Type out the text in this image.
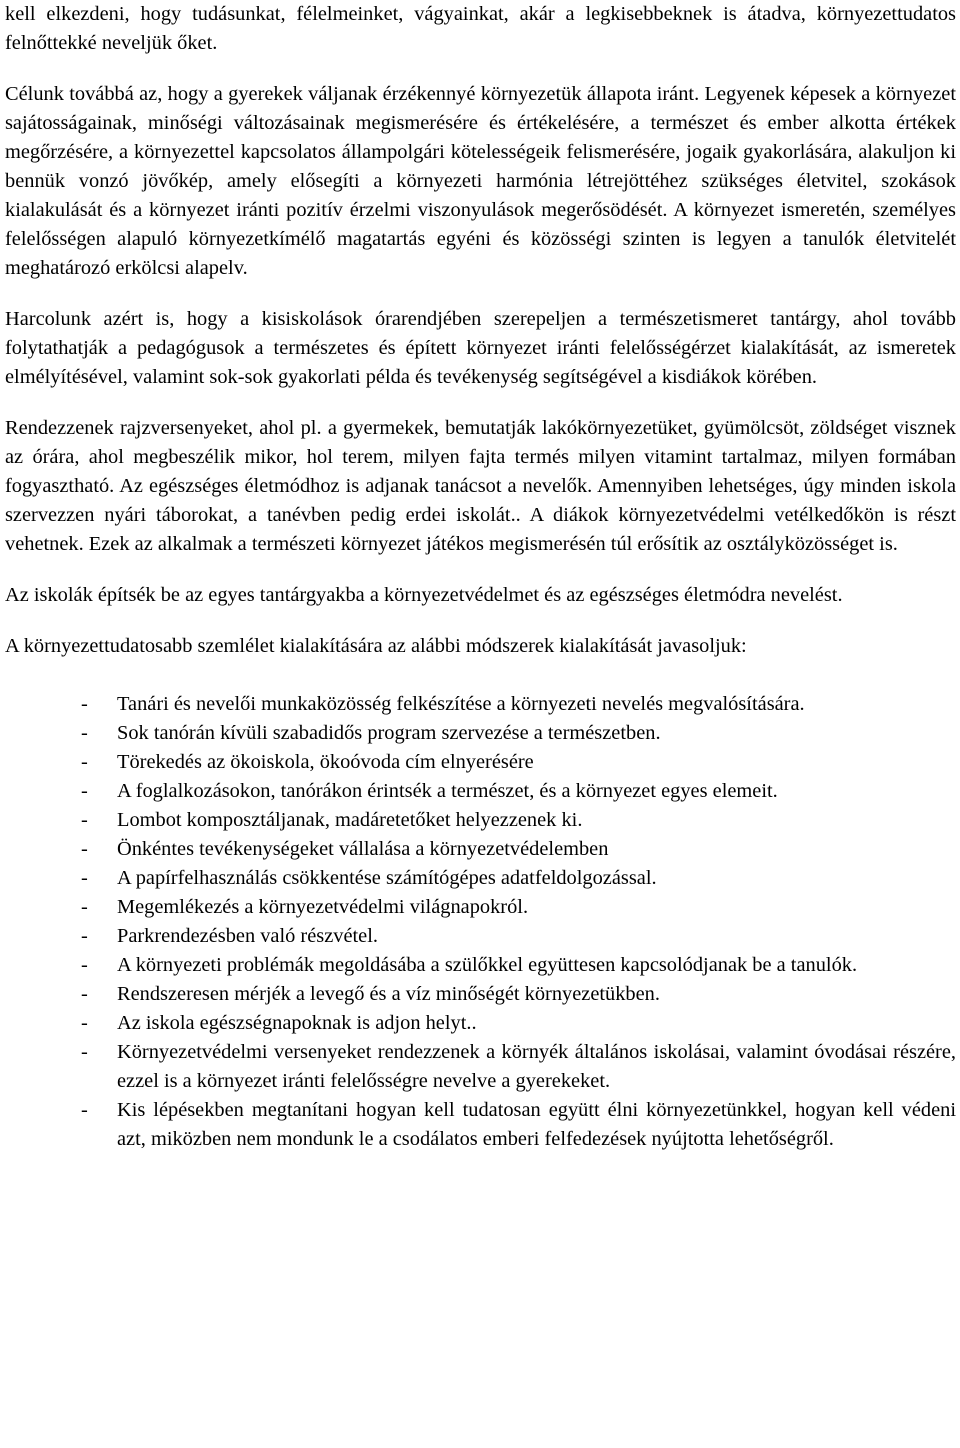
kell elkezdeni, hogy tudásunkat, félelmeinket, vágyainkat, akár a legkisebbeknek is átadva, környezettudatos felnőttekké neveljük őket.

Célunk továbbá az, hogy a gyerekek váljanak érzékennyé környezetük állapota iránt. Legyenek képesek a környezet sajátosságainak, minőségi változásainak megismerésére és értékelésére, a természet és ember alkotta értékek megőrzésére, a környezettel kapcsolatos állampolgári kötelességeik felismerésére, jogaik gyakorlására, alakuljon ki bennük vonzó jövőkép, amely elősegíti a környezeti harmónia létrejöttéhez szükséges életvitel, szokások kialakulását és a környezet iránti pozitív érzelmi viszonyulások megerősödését. A környezet ismeretén, személyes felelősségen alapuló környezetkímélő magatartás egyéni és közösségi szinten is legyen a tanulók életvitelét meghatározó erkölcsi alapelv.

Harcolunk azért is, hogy a kisiskolások órarendjében szerepeljen a természetismeret tantárgy, ahol tovább folytathatják a pedagógusok a természetes és épített környezet iránti felelősségérzet kialakítását, az ismeretek elmélyítésével, valamint sok-sok gyakorlati példa és tevékenység segítségével a kisdiákok körében.

Rendezzenek rajzversenyeket, ahol pl. a gyermekek, bemutatják lakókörnyezetüket, gyümölcsöt, zöldséget visznek az órára, ahol megbeszélik mikor, hol terem, milyen fajta termés milyen vitamint tartalmaz, milyen formában fogyasztható. Az egészséges életmódhoz is adjanak tanácsot a nevelők. Amennyiben lehetséges, úgy minden iskola szervezzen nyári táborokat, a tanévben pedig erdei iskolát.. A diákok környezetvédelmi vetélkedőkön is részt vehetnek. Ezek az alkalmak a természeti környezet játékos megismerésén túl erősítik az osztályközösséget is.

Az iskolák építsék be az egyes tantárgyakba a környezetvédelmet és az egészséges életmódra nevelést.

A környezettudatosabb szemlélet kialakítására az alábbi módszerek kialakítását javasoljuk:

- Tanári és nevelői munkaközösség felkészítése a környezeti nevelés megvalósítására.
- Sok tanórán kívüli szabadidős program szervezése a természetben.
- Törekedés az ökoiskola, ökoóvoda cím elnyerésére
- A foglalkozásokon, tanórákon érintsék a természet, és a környezet egyes elemeit.
- Lombot komposztáljanak, madáretetőket helyezzenek ki.
- Önkéntes tevékenységeket vállalása a környezetvédelemben
- A papírfelhasználás csökkentése számítógépes adatfeldolgozással.
- Megemlékezés a környezetvédelmi világnapokról.
- Parkrendezésben való részvétel.
- A környezeti problémák megoldásába a szülőkkel együttesen kapcsolódjanak be a tanulók.
- Rendszeresen mérjék a levegő és a víz minőségét környezetükben.
- Az iskola egészségnapoknak is adjon helyt..
- Környezetvédelmi versenyeket rendezzenek a környék általános iskolásai, valamint óvodásai részére, ezzel is a környezet iránti felelősségre nevelve a gyerekeket.
- Kis lépésekben megtanítani hogyan kell tudatosan együtt élni környezetünkkel, hogyan kell védeni azt, miközben nem mondunk le a csodálatos emberi felfedezések nyújtotta lehetőségről.
